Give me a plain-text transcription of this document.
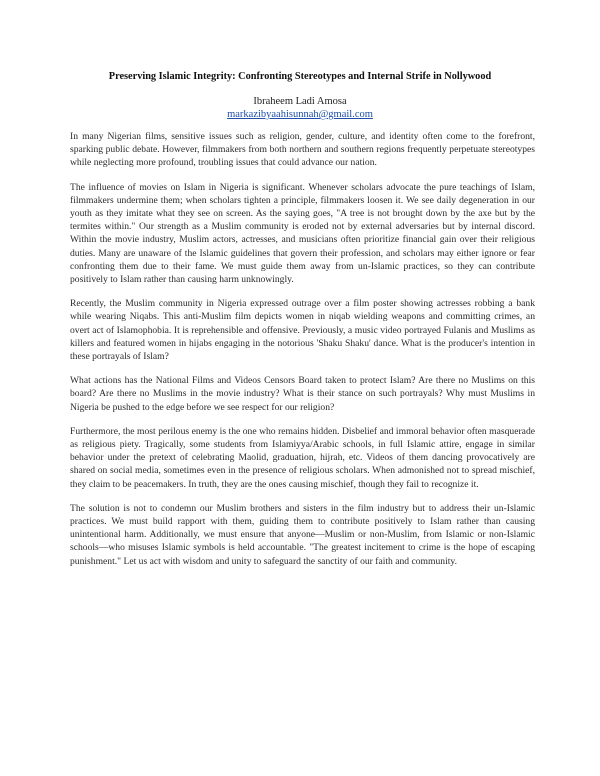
Preserving Islamic Integrity: Confronting Stereotypes and Internal Strife in Nollywood
Ibraheem Ladi Amosa
markazibyaahisunnah@gmail.com

In many Nigerian films, sensitive issues such as religion, gender, culture, and identity often come to the forefront, sparking public debate. However, filmmakers from both northern and southern regions frequently perpetuate stereotypes while neglecting more profound, troubling issues that could advance our nation.

The influence of movies on Islam in Nigeria is significant. Whenever scholars advocate the pure teachings of Islam, filmmakers undermine them; when scholars tighten a principle, filmmakers loosen it. We see daily degeneration in our youth as they imitate what they see on screen. As the saying goes, "A tree is not brought down by the axe but by the termites within." Our strength as a Muslim community is eroded not by external adversaries but by internal discord. Within the movie industry, Muslim actors, actresses, and musicians often prioritize financial gain over their religious duties. Many are unaware of the Islamic guidelines that govern their profession, and scholars may either ignore or fear confronting them due to their fame. We must guide them away from un-Islamic practices, so they can contribute positively to Islam rather than causing harm unknowingly.

Recently, the Muslim community in Nigeria expressed outrage over a film poster showing actresses robbing a bank while wearing Niqabs. This anti-Muslim film depicts women in niqab wielding weapons and committing crimes, an overt act of Islamophobia. It is reprehensible and offensive. Previously, a music video portrayed Fulanis and Muslims as killers and featured women in hijabs engaging in the notorious 'Shaku Shaku' dance. What is the producer's intention in these portrayals of Islam?

What actions has the National Films and Videos Censors Board taken to protect Islam? Are there no Muslims on this board? Are there no Muslims in the movie industry? What is their stance on such portrayals? Why must Muslims in Nigeria be pushed to the edge before we see respect for our religion?

Furthermore, the most perilous enemy is the one who remains hidden. Disbelief and immoral behavior often masquerade as religious piety. Tragically, some students from Islamiyya/Arabic schools, in full Islamic attire, engage in similar behavior under the pretext of celebrating Maolid, graduation, hijrah, etc. Videos of them dancing provocatively are shared on social media, sometimes even in the presence of religious scholars. When admonished not to spread mischief, they claim to be peacemakers. In truth, they are the ones causing mischief, though they fail to recognize it.

The solution is not to condemn our Muslim brothers and sisters in the film industry but to address their un-Islamic practices. We must build rapport with them, guiding them to contribute positively to Islam rather than causing unintentional harm. Additionally, we must ensure that anyone—Muslim or non-Muslim, from Islamic or non-Islamic schools—who misuses Islamic symbols is held accountable. "The greatest incitement to crime is the hope of escaping punishment." Let us act with wisdom and unity to safeguard the sanctity of our faith and community.
